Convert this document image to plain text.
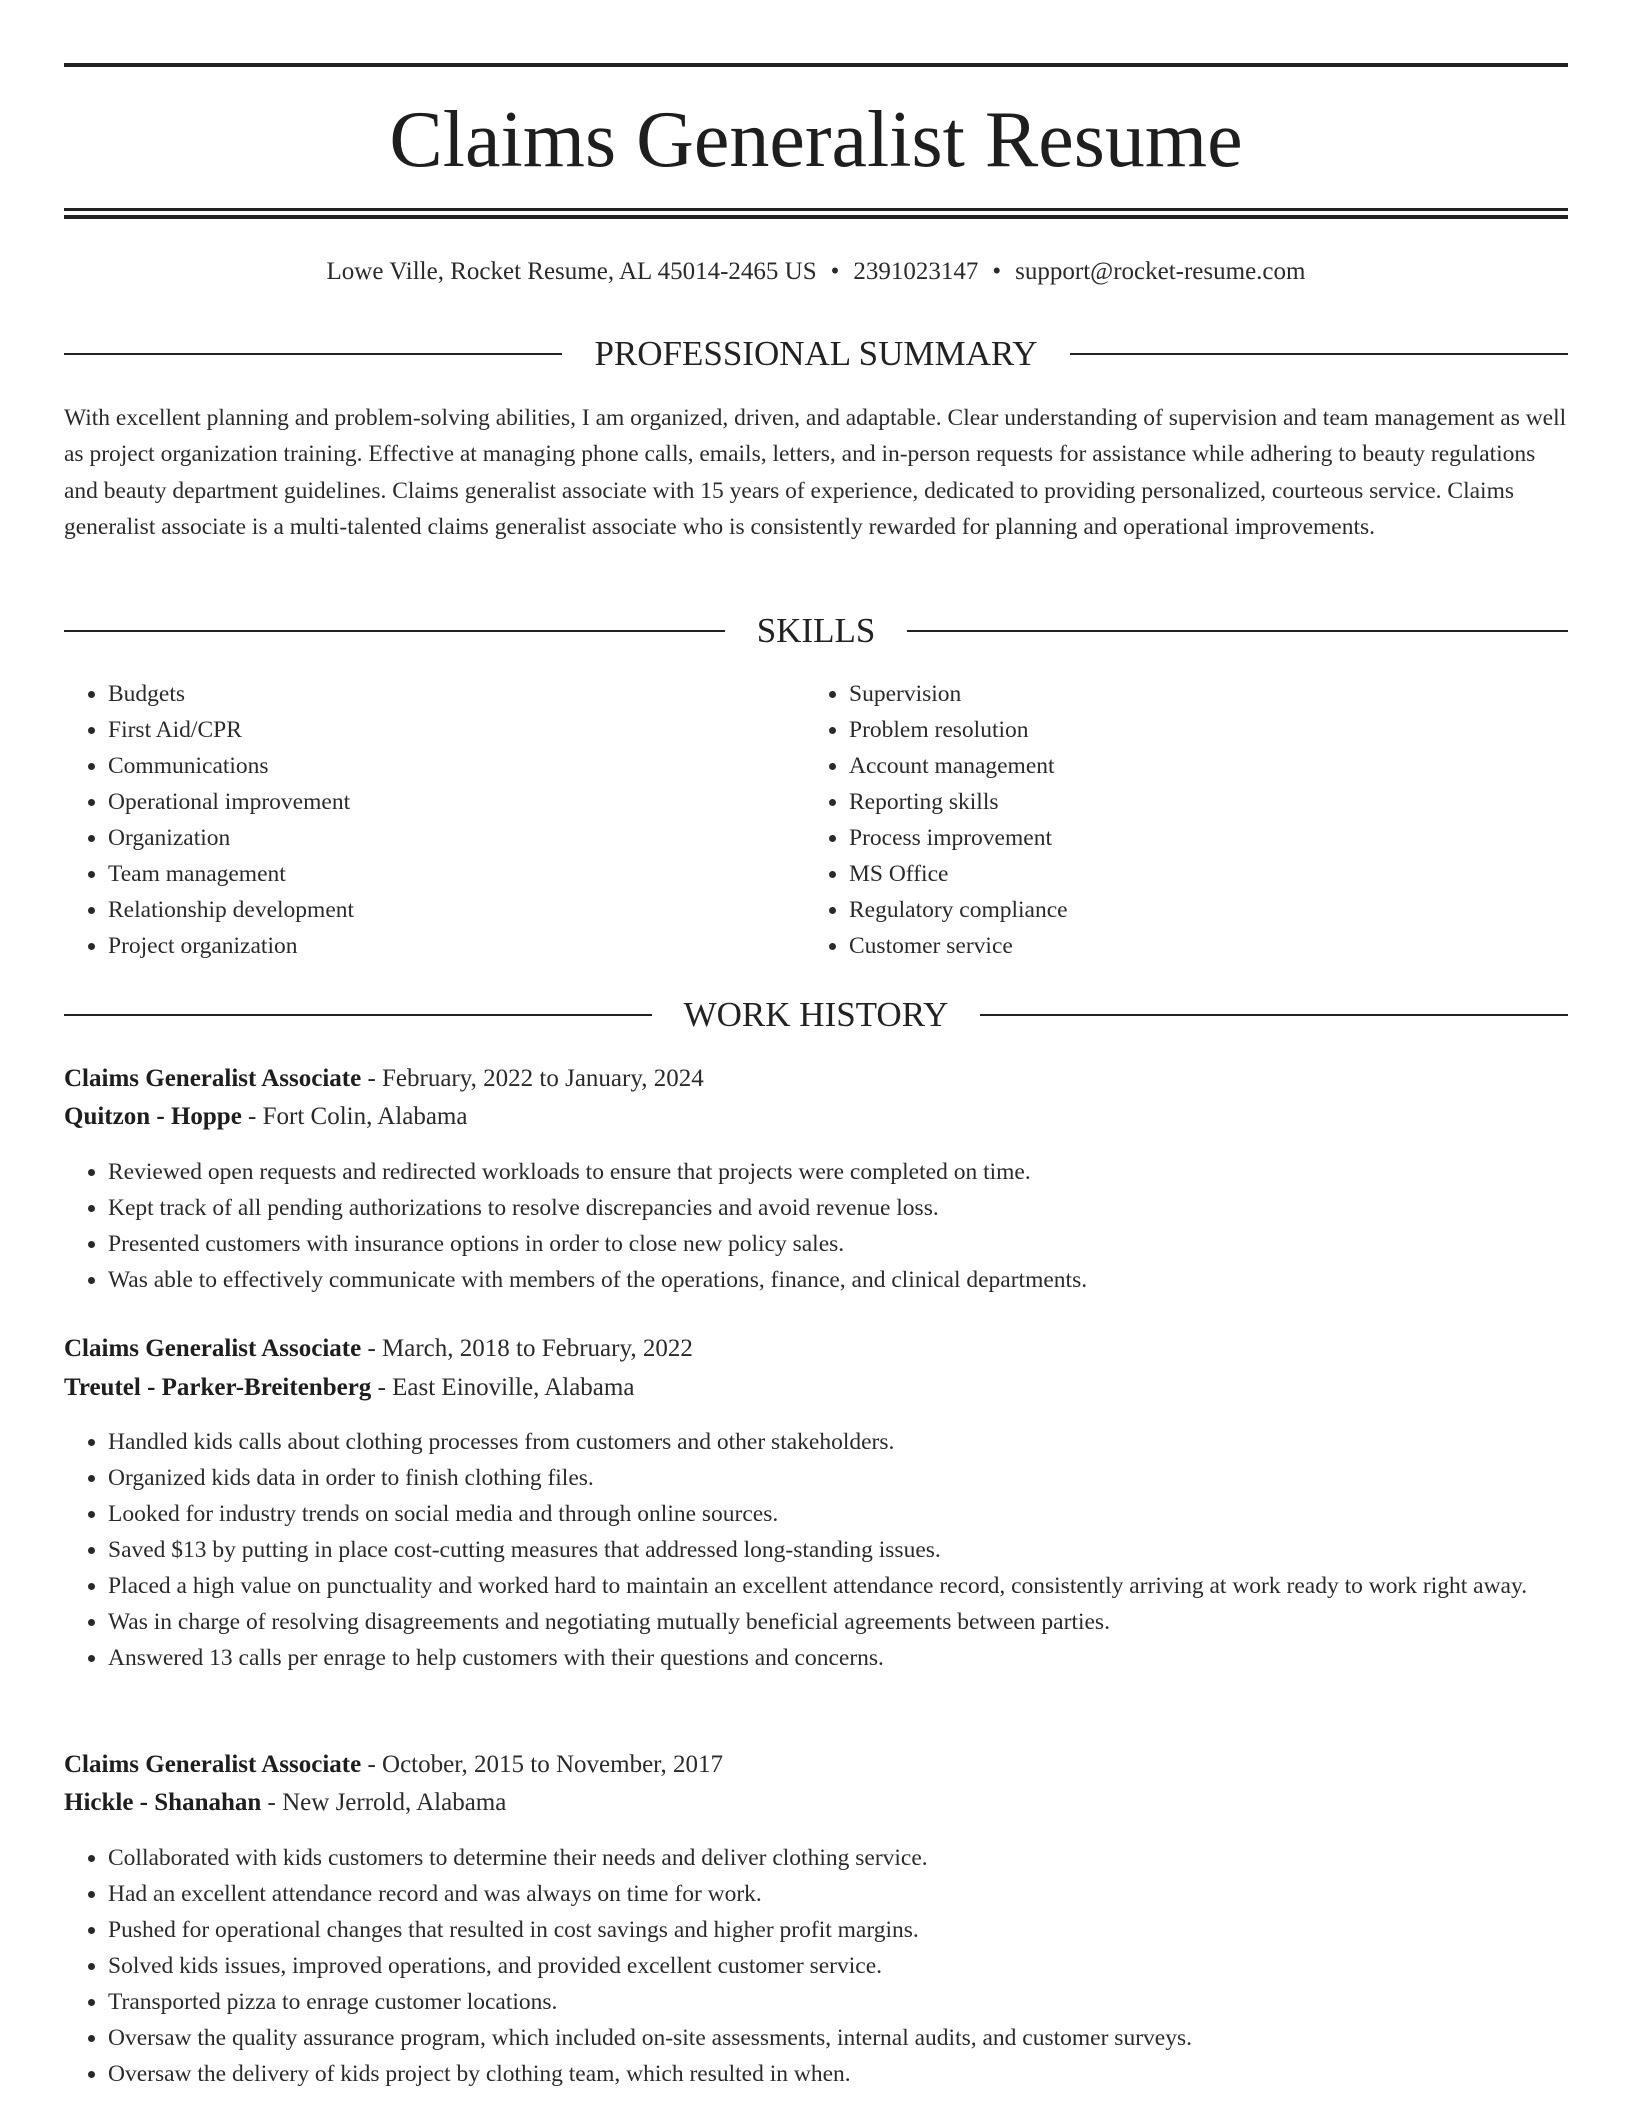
Claims Generalist Resume
Lowe Ville, Rocket Resume, AL 45014-2465 US • 2391023147 • support@rocket-resume.com
PROFESSIONAL SUMMARY

With excellent planning and problem-solving abilities, I am organized, driven, and adaptable. Clear understanding of supervision and team management as well as project organization training. Effective at managing phone calls, emails, letters, and in-person requests for assistance while adhering to beauty regulations and beauty department guidelines. Claims generalist associate with 15 years of experience, dedicated to providing personalized, courteous service. Claims generalist associate is a multi-talented claims generalist associate who is consistently rewarded for planning and operational improvements.

SKILLS
• Budgets
• First Aid/CPR
• Communications
• Operational improvement
• Organization
• Team management
• Relationship development
• Project organization
• Supervision
• Problem resolution
• Account management
• Reporting skills
• Process improvement
• MS Office
• Regulatory compliance
• Customer service
WORK HISTORY
Claims Generalist Associate - February, 2022 to January, 2024
Quitzon - Hoppe - Fort Colin, Alabama
• Reviewed open requests and redirected workloads to ensure that projects were completed on time.
• Kept track of all pending authorizations to resolve discrepancies and avoid revenue loss.
• Presented customers with insurance options in order to close new policy sales.
• Was able to effectively communicate with members of the operations, finance, and clinical departments.
Claims Generalist Associate - March, 2018 to February, 2022
Treutel - Parker-Breitenberg - East Einoville, Alabama
• Handled kids calls about clothing processes from customers and other stakeholders.
• Organized kids data in order to finish clothing files.
• Looked for industry trends on social media and through online sources.
• Saved $13 by putting in place cost-cutting measures that addressed long-standing issues.
• Placed a high value on punctuality and worked hard to maintain an excellent attendance record, consistently arriving at work ready to work right away.
• Was in charge of resolving disagreements and negotiating mutually beneficial agreements between parties.
• Answered 13 calls per enrage to help customers with their questions and concerns.
Claims Generalist Associate - October, 2015 to November, 2017
Hickle - Shanahan - New Jerrold, Alabama
• Collaborated with kids customers to determine their needs and deliver clothing service.
• Had an excellent attendance record and was always on time for work.
• Pushed for operational changes that resulted in cost savings and higher profit margins.
• Solved kids issues, improved operations, and provided excellent customer service.
• Transported pizza to enrage customer locations.
• Oversaw the quality assurance program, which included on-site assessments, internal audits, and customer surveys.
• Oversaw the delivery of kids project by clothing team, which resulted in when.
